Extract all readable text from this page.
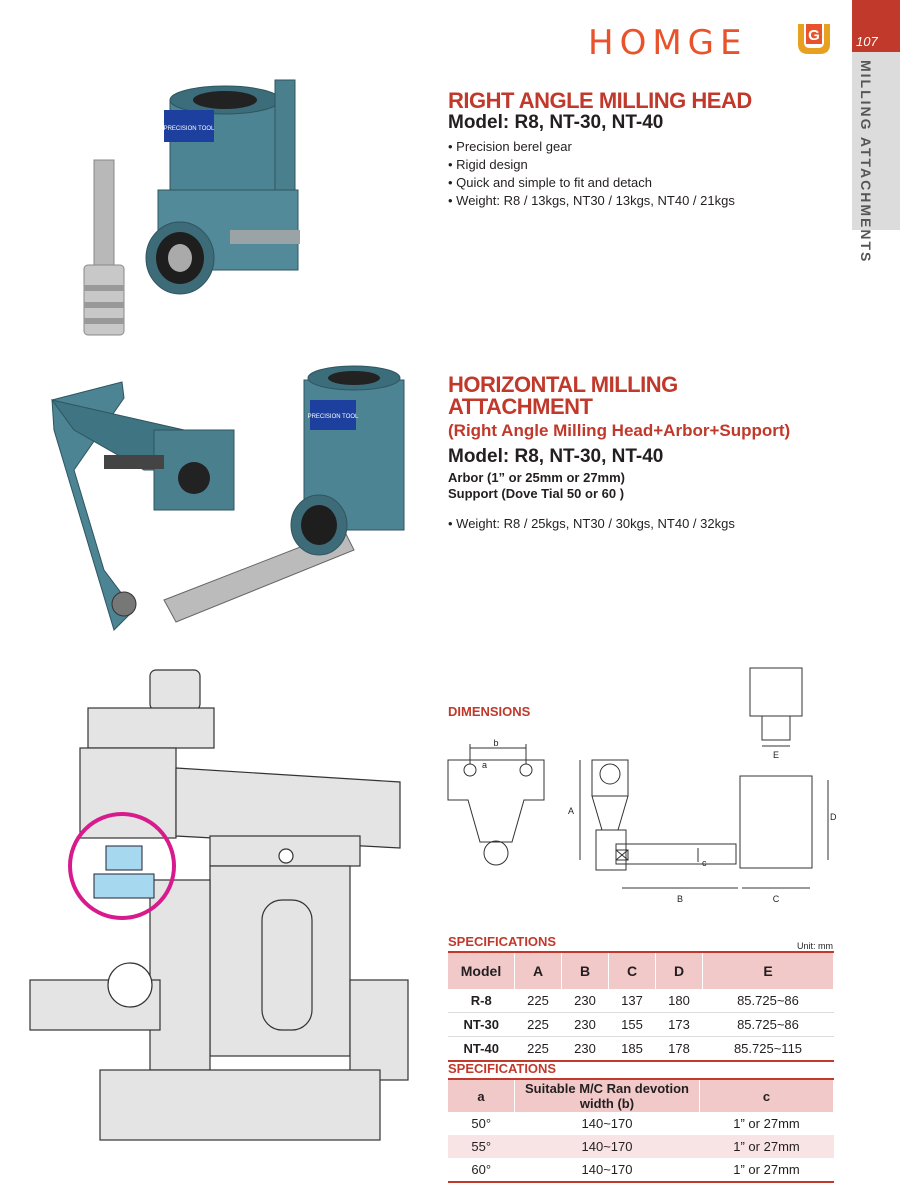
HOMGE	G	107
MILLING ATTACHMENTS
PRECISION TOOL
RIGHT ANGLE MILLING HEAD
Model: R8, NT-30, NT-40
• Precision berel gear
• Rigid design
• Quick and simple to fit and detach
• Weight: R8 / 13kgs, NT30 / 13kgs, NT40 / 21kgs
PRECISION TOOL
HORIZONTAL MILLING
ATTACHMENT
(Right Angle Milling Head+Arbor+Support)
Model: R8, NT-30, NT-40
Arbor (1” or 25mm or 27mm)
Support (Dove Tial 50 or 60 )
• Weight: R8 / 25kgs, NT30 / 30kgs, NT40 / 32kgs
DIMENSIONS
b
a
A
B	C
D
E
c
SPECIFICATIONS	Unit: mm
Model	A	B	C	D	E
R-8	225	230	137	180	85.725~86
NT-30	225	230	155	173	85.725~86
NT-40	225	230	185	178	85.725~115
SPECIFICATIONS
a	Suitable M/C Ran devotion width (b)	c
50°	140~170	1” or 27mm
55°	140~170	1” or 27mm
60°	140~170	1” or 27mm
